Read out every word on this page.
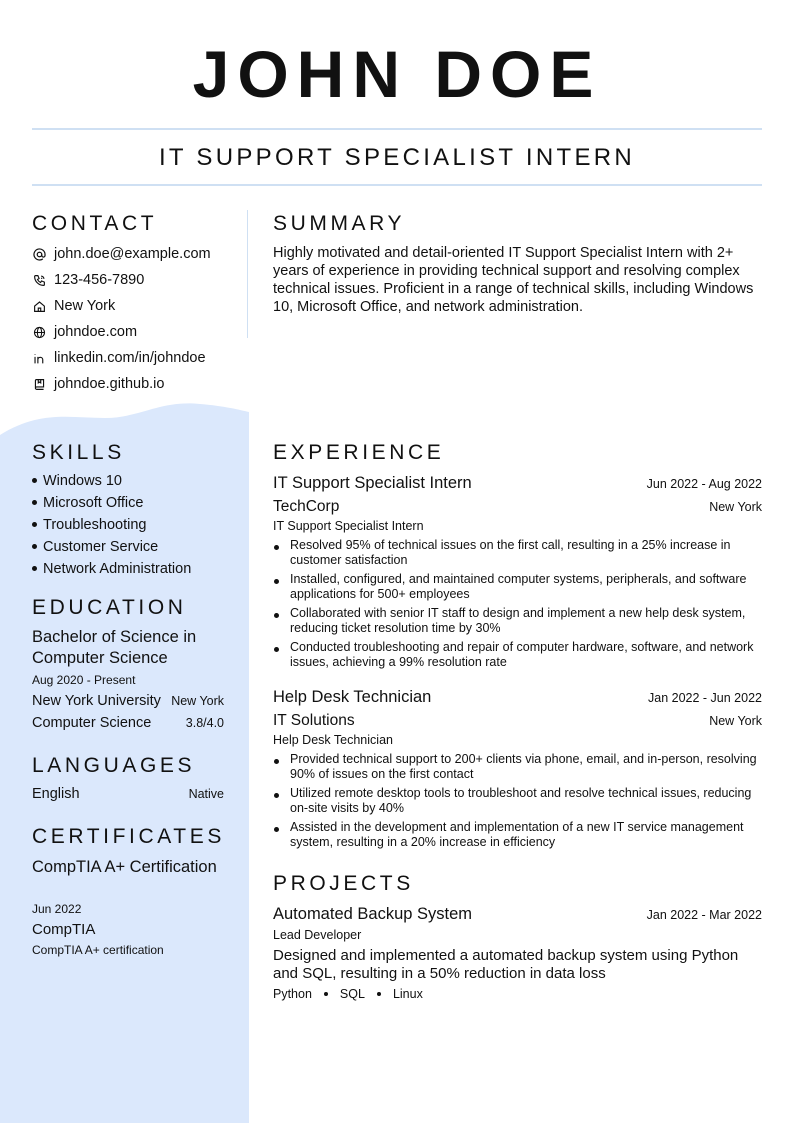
JOHN DOE
IT SUPPORT SPECIALIST INTERN
CONTACT
john.doe@example.com
123-456-7890
New York
johndoe.com
linkedin.com/in/johndoe
johndoe.github.io
SKILLS
Windows 10
Microsoft Office
Troubleshooting
Customer Service
Network Administration
EDUCATION
Bachelor of Science in Computer Science
Aug 2020 - Present
New York University New York
Computer Science	3.8/4.0
LANGUAGES
English	Native
CERTIFICATES
CompTIA A+ Certification
Jun 2022
CompTIA
CompTIA A+ certification
SUMMARY
Highly motivated and detail-oriented IT Support Specialist Intern with 2+ years of experience in providing technical support and resolving complex technical issues. Proficient in a range of technical skills, including Windows 10, Microsoft Office, and network administration.
EXPERIENCE
IT Support Specialist Intern	Jun 2022 - Aug 2022
TechCorp	New York
IT Support Specialist Intern
Resolved 95% of technical issues on the first call, resulting in a 25% increase in customer satisfaction
Installed, configured, and maintained computer systems, peripherals, and software applications for 500+ employees
Collaborated with senior IT staff to design and implement a new help desk system, reducing ticket resolution time by 30%
Conducted troubleshooting and repair of computer hardware, software, and network issues, achieving a 99% resolution rate
Help Desk Technician	Jan 2022 - Jun 2022
IT Solutions	New York
Help Desk Technician
Provided technical support to 200+ clients via phone, email, and in-person, resolving 90% of issues on the first contact
Utilized remote desktop tools to troubleshoot and resolve technical issues, reducing on-site visits by 40%
Assisted in the development and implementation of a new IT service management system, resulting in a 20% increase in efficiency
PROJECTS
Automated Backup System	Jan 2022 - Mar 2022
Lead Developer
Designed and implemented a automated backup system using Python and SQL, resulting in a 50% reduction in data loss
Python SQL Linux
